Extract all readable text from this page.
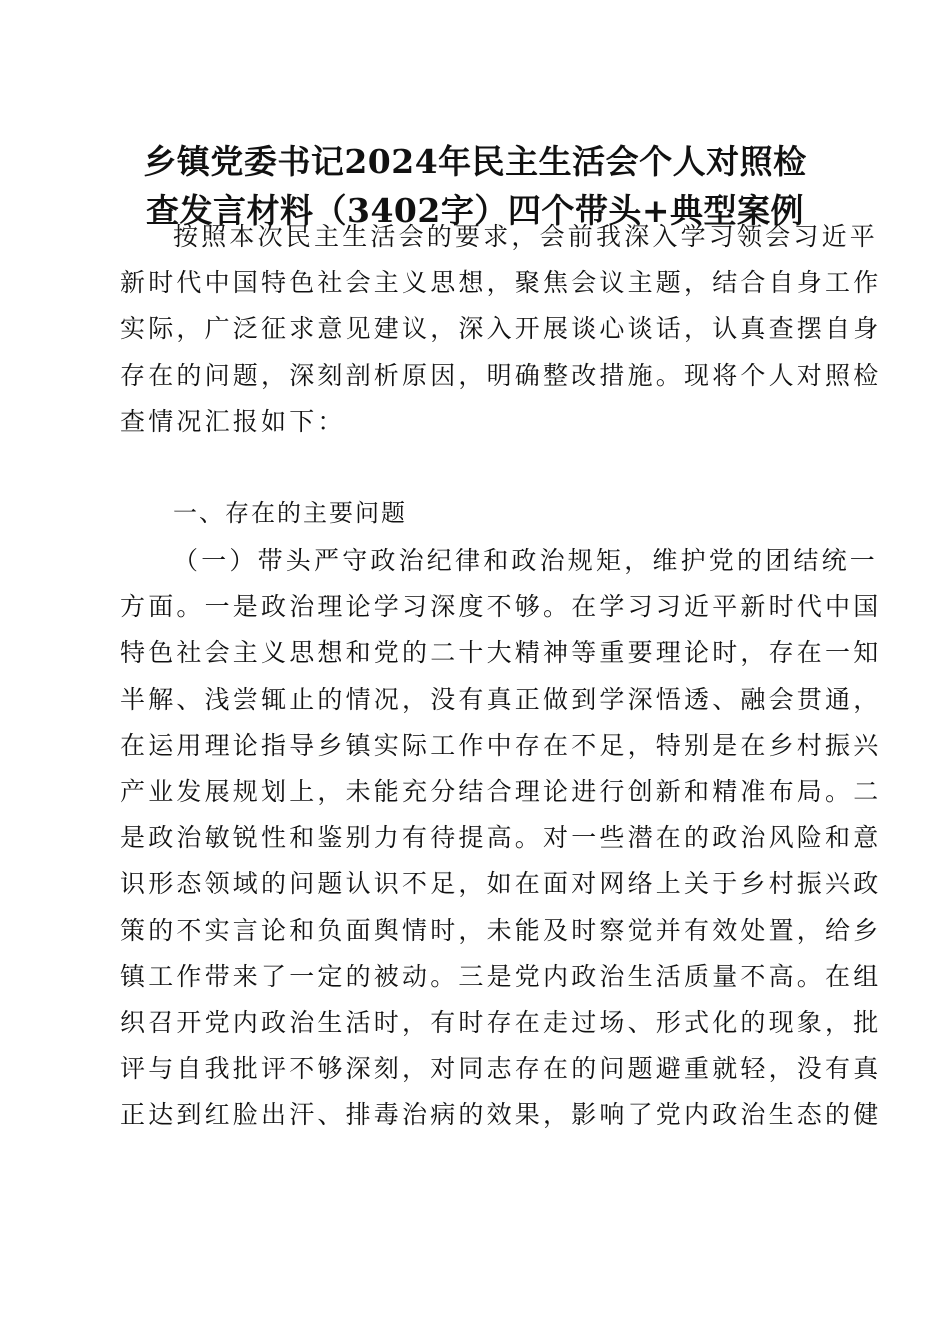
乡镇党委书记2024年民主生活会个人对照检
查发言材料（3402字）四个带头+典型案例
按照本次民主生活会的要求，会前我深入学习领会习近平
新时代中国特色社会主义思想，聚焦会议主题，结合自身工作
实际，广泛征求意见建议，深入开展谈心谈话，认真查摆自身
存在的问题，深刻剖析原因，明确整改措施。现将个人对照检
查情况汇报如下：
一、存在的主要问题
（一）带头严守政治纪律和政治规矩，维护党的团结统一
方面。一是政治理论学习深度不够。在学习习近平新时代中国
特色社会主义思想和党的二十大精神等重要理论时，存在一知
半解、浅尝辄止的情况，没有真正做到学深悟透、融会贯通，
在运用理论指导乡镇实际工作中存在不足，特别是在乡村振兴
产业发展规划上，未能充分结合理论进行创新和精准布局。二
是政治敏锐性和鉴别力有待提高。对一些潜在的政治风险和意
识形态领域的问题认识不足，如在面对网络上关于乡村振兴政
策的不实言论和负面舆情时，未能及时察觉并有效处置，给乡
镇工作带来了一定的被动。三是党内政治生活质量不高。在组
织召开党内政治生活时，有时存在走过场、形式化的现象，批
评与自我批评不够深刻，对同志存在的问题避重就轻，没有真
正达到红脸出汗、排毒治病的效果，影响了党内政治生态的健
